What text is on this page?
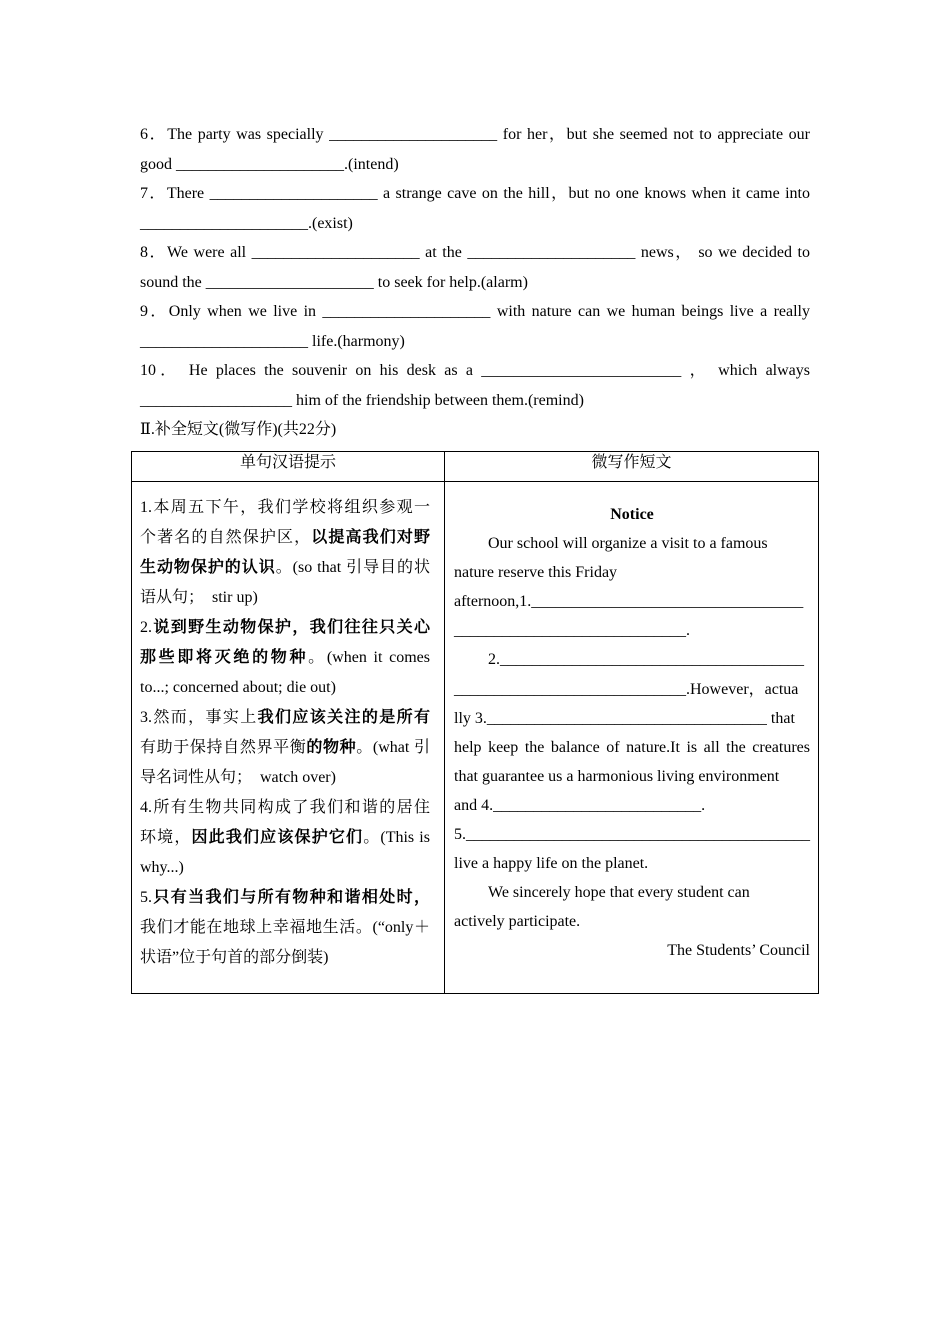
6．The party was specially _____________________ for her，but she seemed not to appreciate our
good _____________________.(intend)
7．There _____________________ a strange cave on the hill，but no one knows when it came into
_____________________.(exist)
8．We were all _____________________ at the _____________________ news， so we decided to
sound the _____________________ to seek for help.(alarm)
9．Only when we live in _____________________ with nature can we human beings live a really
_____________________ life.(harmony)
10． He places the souvenir on his desk as a _________________________ ， which always
___________________ him of the friendship between them.(remind)
Ⅱ.补全短文(微写作)(共22分)
单句汉语提示	微写作短文
1.本周五下午，我们学校将组织参观一
个著名的自然保护区，以提高我们对野
生动物保护的认识。(so that 引导目的状
语从句；  stir up)
2.说到野生动物保护，我们往往只关心
那些即将灭绝的物种。(when it comes
to...; concerned about; die out)
3.然而，事实上我们应该关注的是所有
有助于保持自然界平衡的物种。(what 引
导名词性从句；  watch over)
4.所有生物共同构成了我们和谐的居住
环境，因此我们应该保护它们。(This is
why...)
5.只有当我们与所有物种和谐相处时，
我们才能在地球上幸福地生活。(“only＋
状语”位于句首的部分倒装)
Notice
Our school will organize a visit to a famous
nature reserve this Friday
afternoon,1.__________________________________
_____________________________.
2.______________________________________
_____________________________.However，actua
lly 3.___________________________________ that
help keep the balance of nature.It is all the creatures
that guarantee us a harmonious living environment
and 4.__________________________.
5.___________________________________________
live a happy life on the planet.
We sincerely hope that every student can
actively participate.
The Students’ Council
